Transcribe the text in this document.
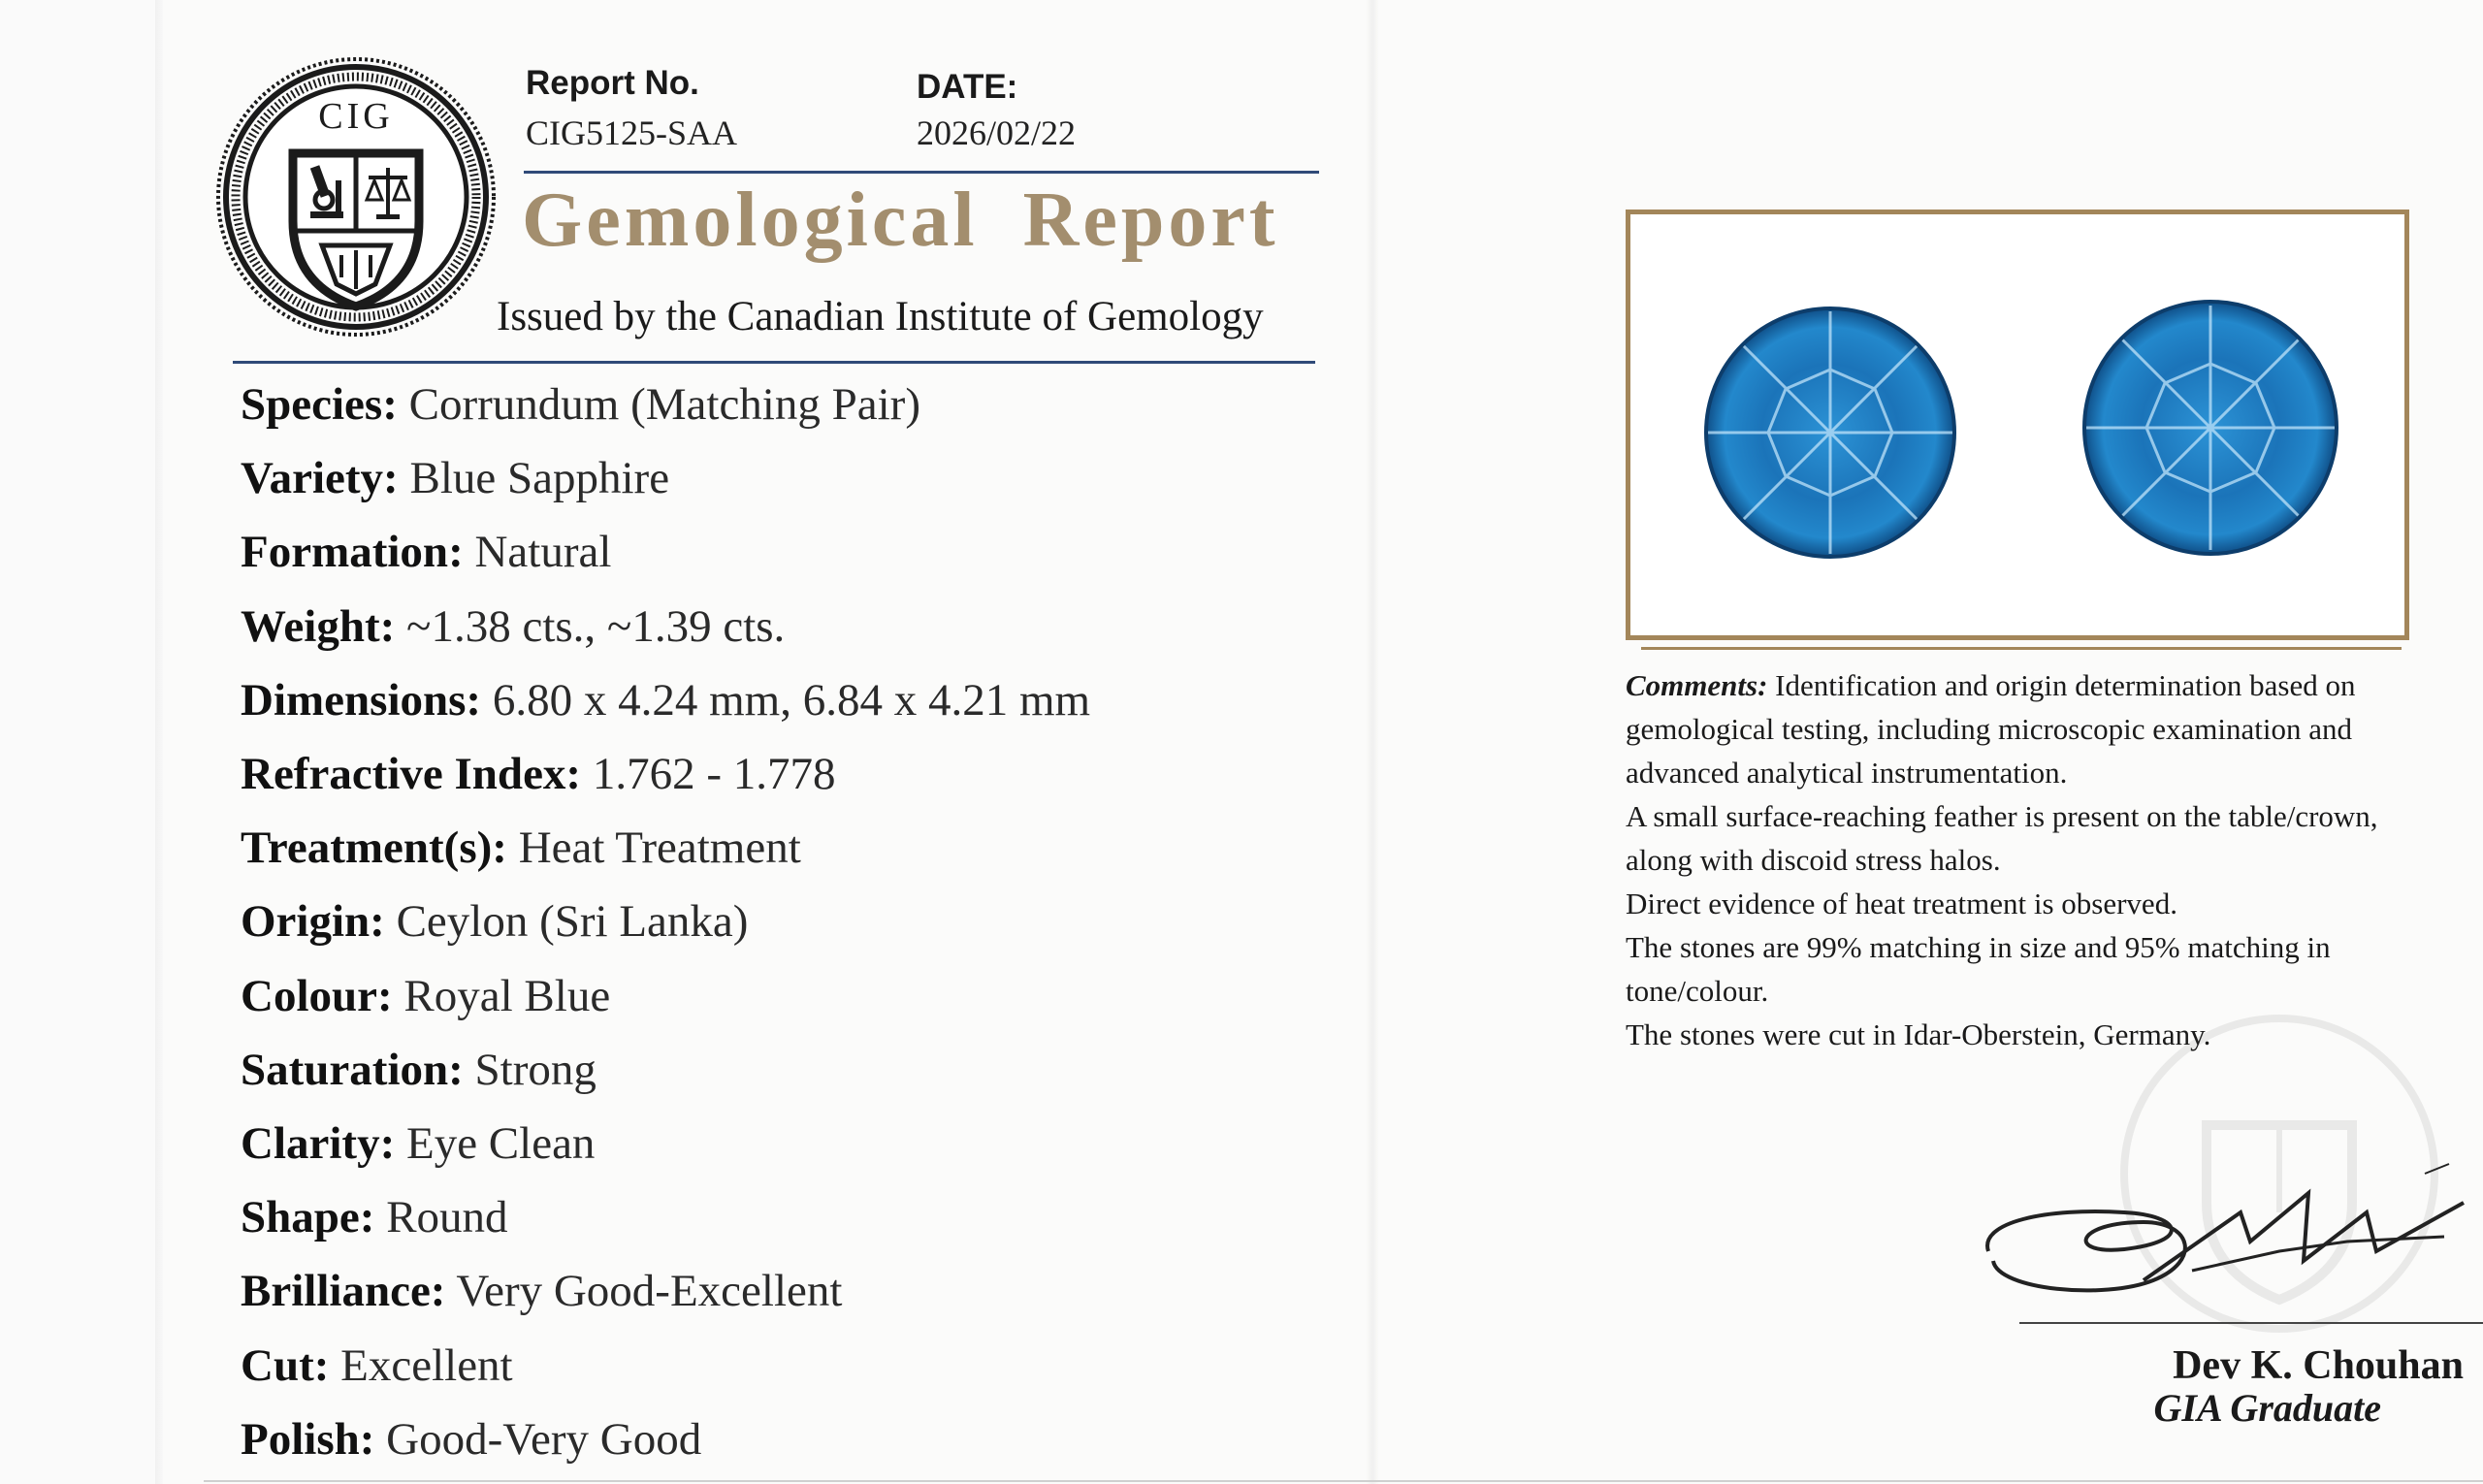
CIG
Report No.
CIG5125-SAA
DATE:
2026/02/22
Gemological Report
Issued by the Canadian Institute of Gemology
Species: Corrundum (Matching Pair)
Variety: Blue Sapphire
Formation: Natural
Weight: ~1.38 cts., ~1.39 cts.
Dimensions: 6.80 x 4.24 mm, 6.84 x 4.21 mm
Refractive Index: 1.762 - 1.778
Treatment(s): Heat Treatment
Origin: Ceylon (Sri Lanka)
Colour: Royal Blue
Saturation: Strong
Clarity: Eye Clean
Shape: Round
Brilliance: Very Good-Excellent
Cut: Excellent
Polish: Good-Very Good
Comments: Identification and origin determination based on
gemological testing, including microscopic examination and
advanced analytical instrumentation.
A small surface-reaching feather is present on the table/crown,
along with discoid stress halos.
Direct evidence of heat treatment is observed.
The stones are 99% matching in size and 95% matching in
tone/colour.
The stones were cut in Idar-Oberstein, Germany.
Dev K. Chouhan
GIA Graduate
